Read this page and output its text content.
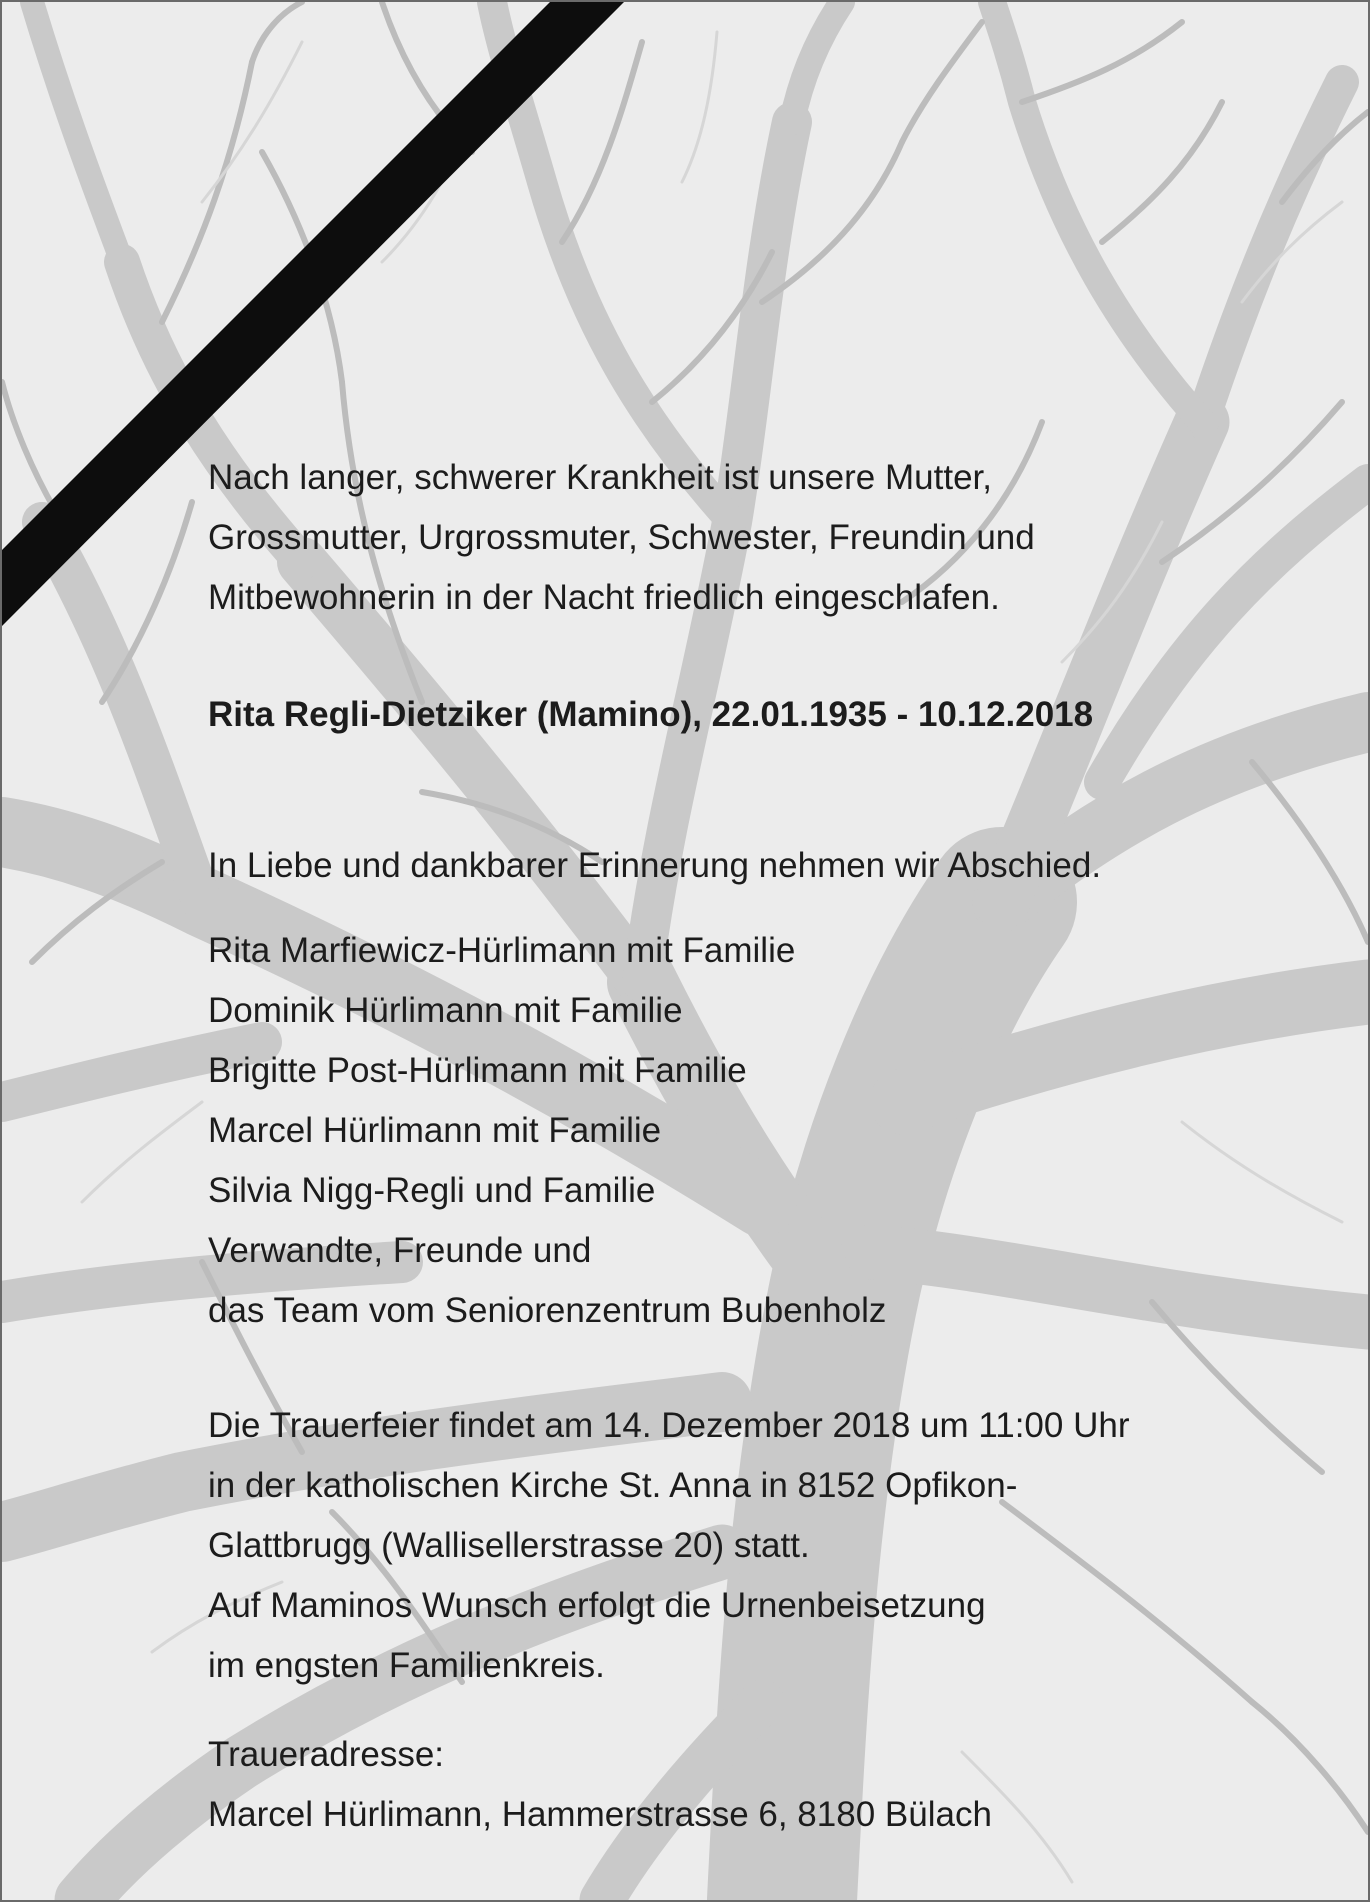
Nach langer, schwerer Krankheit ist unsere Mutter,
Grossmutter, Urgrossmuter, Schwester, Freundin und
Mitbewohnerin in der Nacht friedlich eingeschlafen.
Rita Regli-Dietziker (Mamino), 22.01.1935 - 10.12.2018
In Liebe und dankbarer Erinnerung nehmen wir Abschied.
Rita Marfiewicz-Hürlimann mit Familie
Dominik Hürlimann mit Familie
Brigitte Post-Hürlimann mit Familie
Marcel Hürlimann mit Familie
Silvia Nigg-Regli und Familie
Verwandte, Freunde und
das Team vom Seniorenzentrum Bubenholz
Die Trauerfeier findet am 14. Dezember 2018 um 11:00 Uhr
in der katholischen Kirche St. Anna in 8152 Opfikon-
Glattbrugg (Wallisellerstrasse 20) statt.
Auf Maminos Wunsch erfolgt die Urnenbeisetzung
im engsten Familienkreis.
Traueradresse:
Marcel Hürlimann, Hammerstrasse 6, 8180 Bülach
